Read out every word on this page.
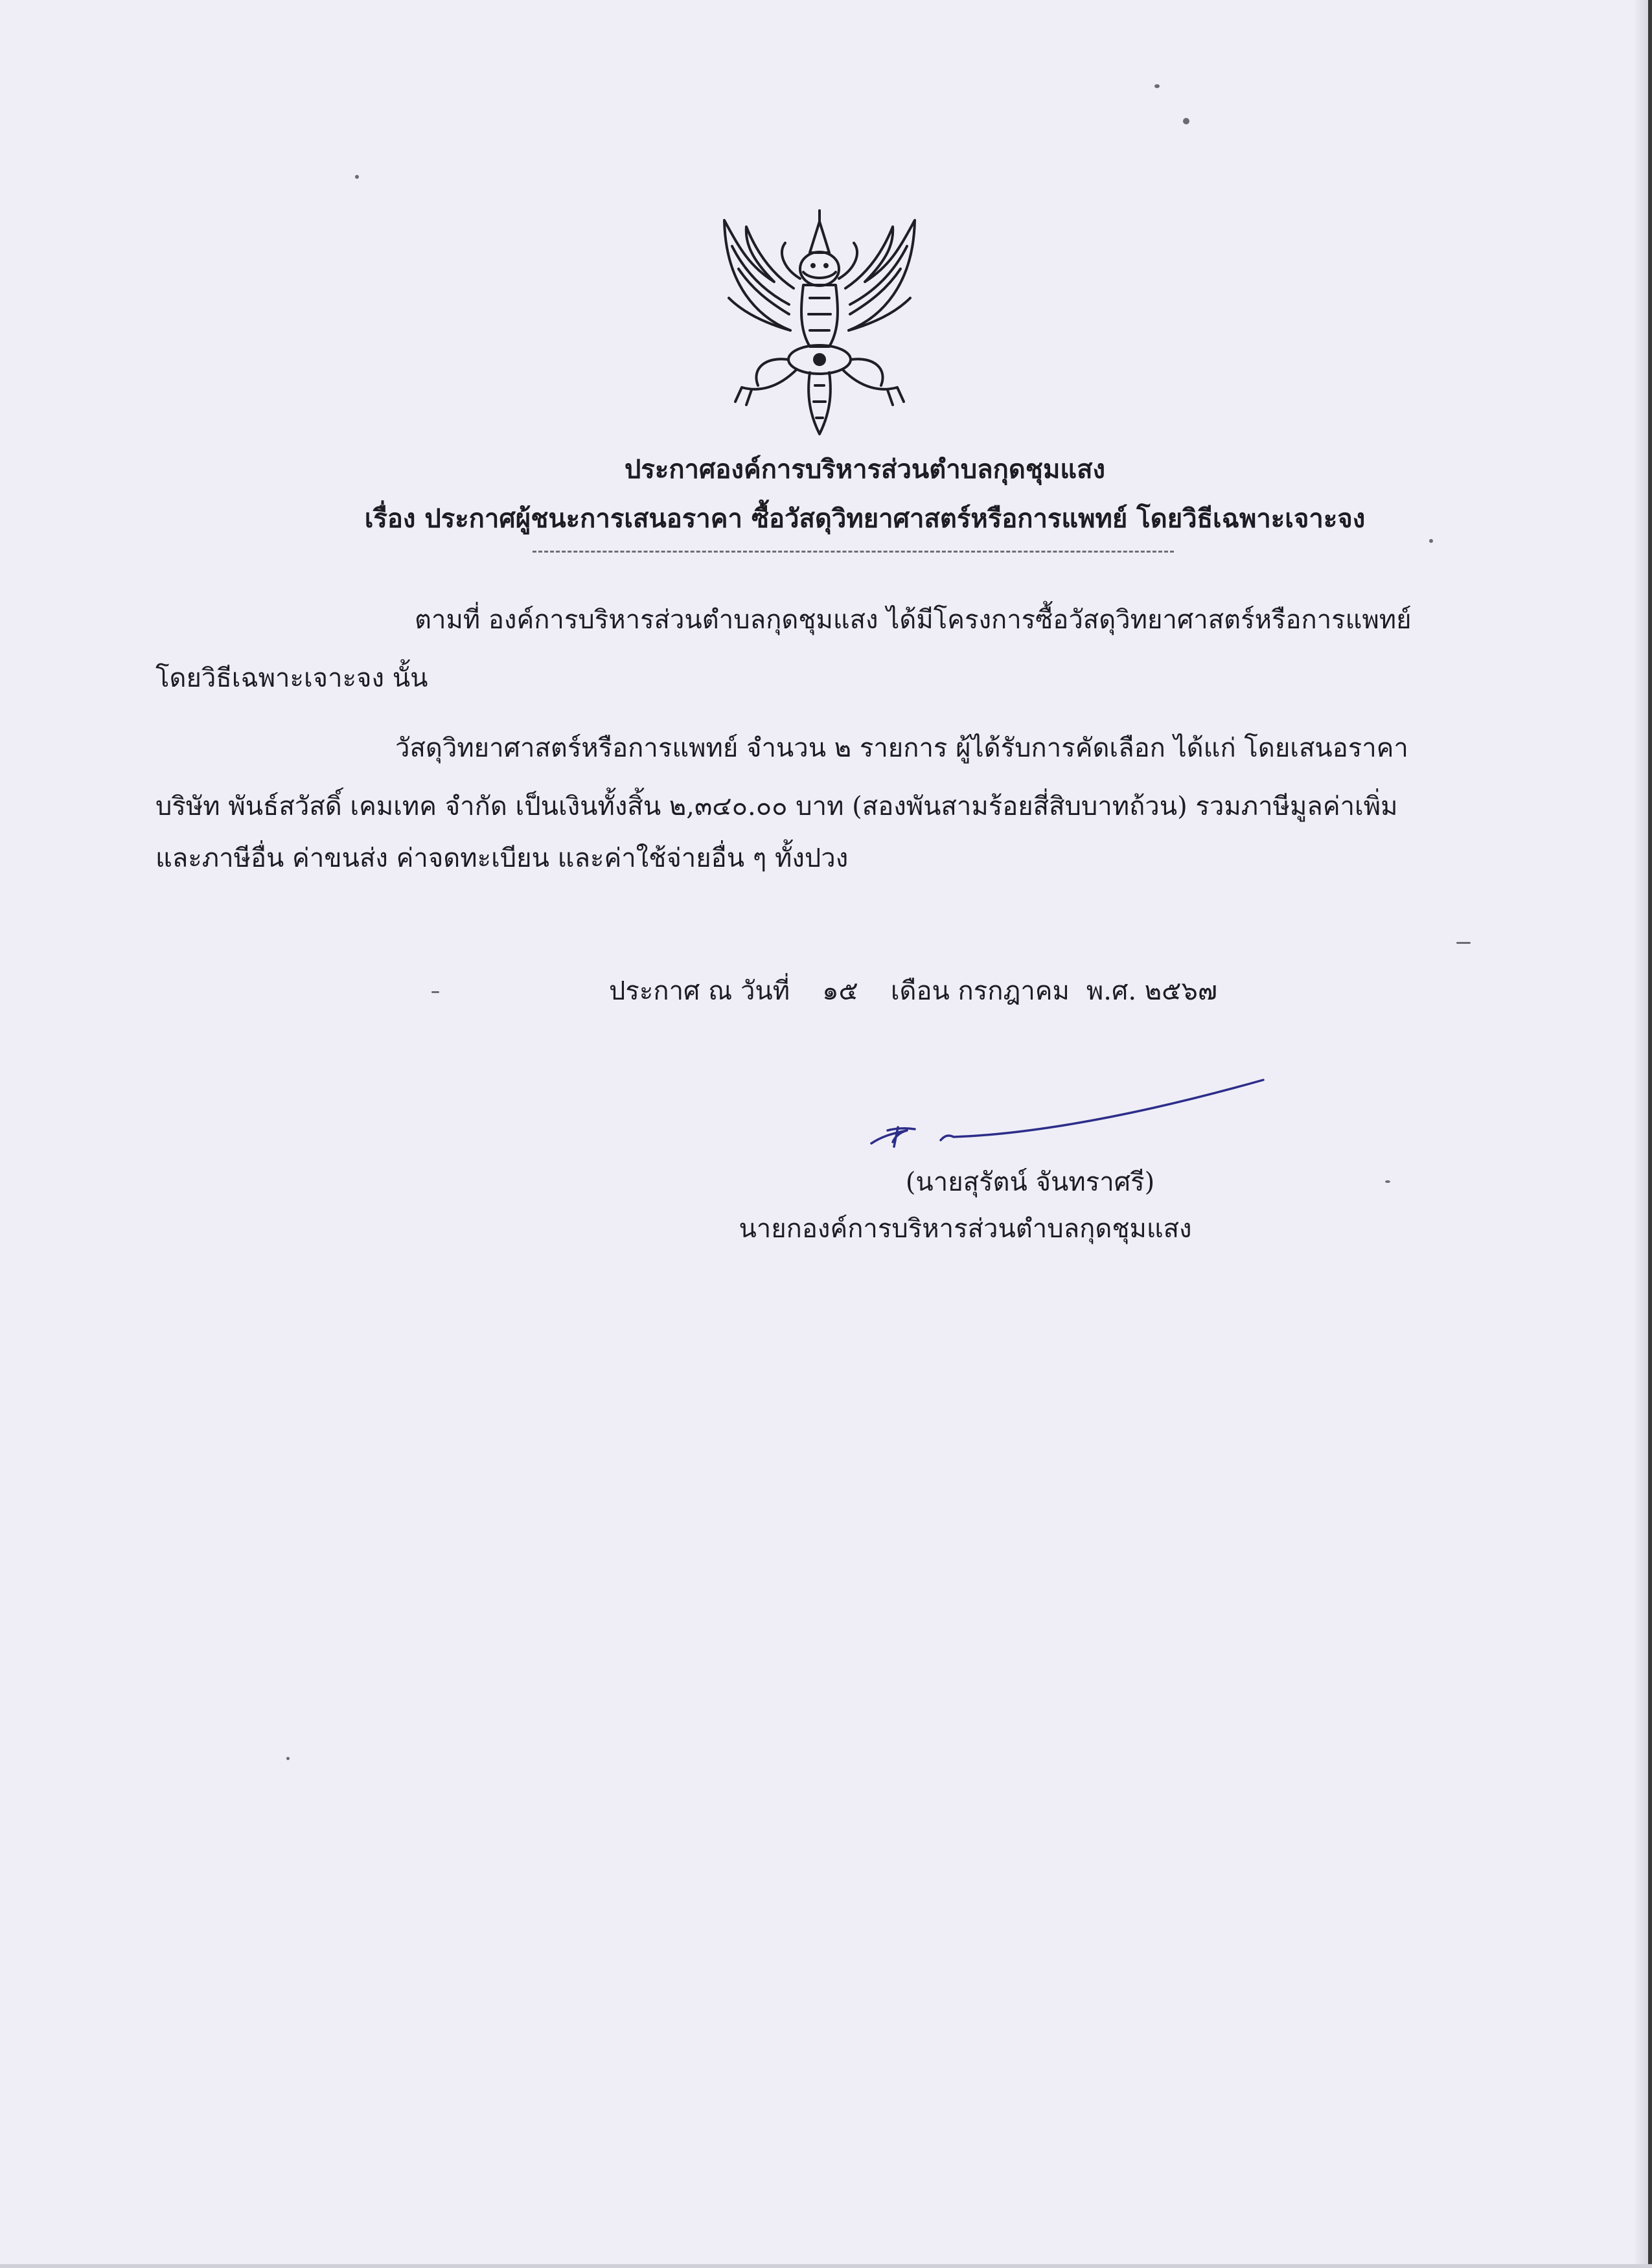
ประกาศองค์การบริหารส่วนตำบลกุดชุมแสง
เรื่อง ประกาศผู้ชนะการเสนอราคา ซื้อวัสดุวิทยาศาสตร์หรือการแพทย์ โดยวิธีเฉพาะเจาะจง
ตามที่ องค์การบริหารส่วนตำบลกุดชุมแสง ได้มีโครงการซื้อวัสดุวิทยาศาสตร์หรือการแพทย์
โดยวิธีเฉพาะเจาะจง นั้น
วัสดุวิทยาศาสตร์หรือการแพทย์ จำนวน ๒ รายการ ผู้ได้รับการคัดเลือก ได้แก่ โดยเสนอราคา
บริษัท พันธ์สวัสดิ์ เคมเทค จำกัด เป็นเงินทั้งสิ้น ๒,๓๔๐.๐๐ บาท (สองพันสามร้อยสี่สิบบาทถ้วน) รวมภาษีมูลค่าเพิ่ม
และภาษีอื่น ค่าขนส่ง ค่าจดทะเบียน และค่าใช้จ่ายอื่น ๆ ทั้งปวง
ประกาศ ณ วันที่ ๑๕ เดือน กรกฎาคม พ.ศ. ๒๕๖๗
(นายสุรัตน์ จันทราศรี)
นายกองค์การบริหารส่วนตำบลกุดชุมแสง
